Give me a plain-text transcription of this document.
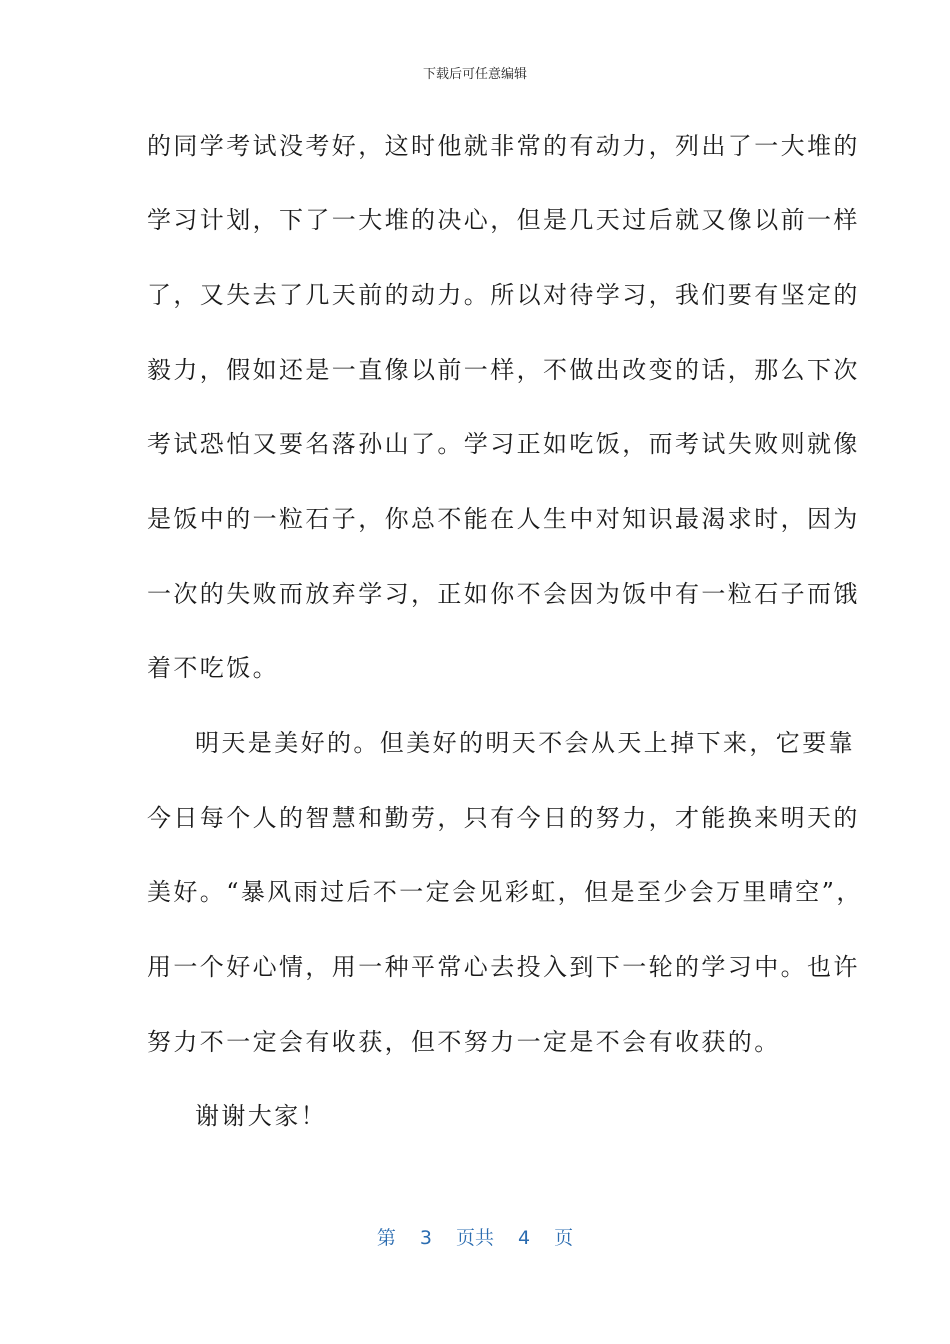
下载后可任意编辑
的同学考试没考好，这时他就非常的有动力，列出了一大堆的
学习计划，下了一大堆的决心，但是几天过后就又像以前一样
了，又失去了几天前的动力。所以对待学习，我们要有坚定的
毅力，假如还是一直像以前一样，不做出改变的话，那么下次
考试恐怕又要名落孙山了。学习正如吃饭，而考试失败则就像
是饭中的一粒石子，你总不能在人生中对知识最渴求时，因为
一次的失败而放弃学习，正如你不会因为饭中有一粒石子而饿
着不吃饭。
明天是美好的。但美好的明天不会从天上掉下来，它要靠
今日每个人的智慧和勤劳，只有今日的努力，才能换来明天的
美好。“暴风雨过后不一定会见彩虹，但是至少会万里晴空”，
用一个好心情，用一种平常心去投入到下一轮的学习中。也许
努力不一定会有收获，但不努力一定是不会有收获的。
谢谢大家！
第 3 页共 4 页
